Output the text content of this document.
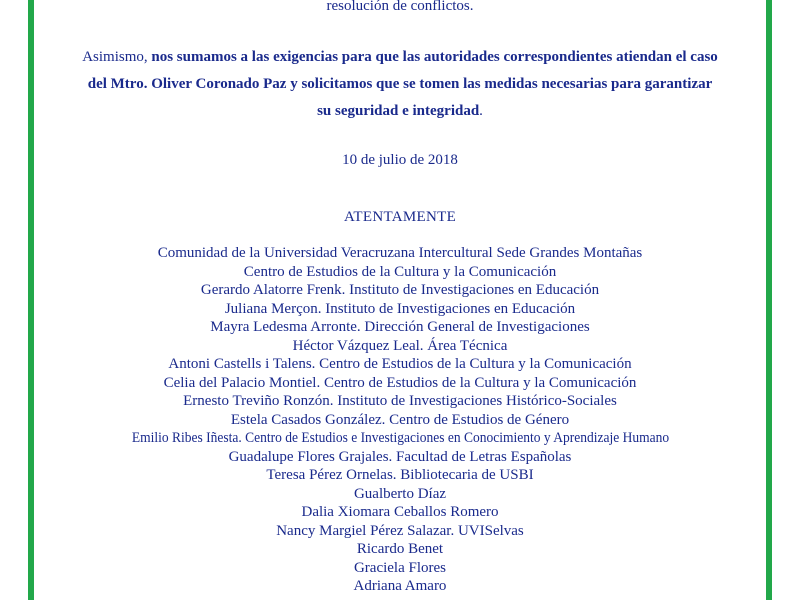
resolución de conflictos.
Asimismo, nos sumamos a las exigencias para que las autoridades correspondientes atiendan el caso
del Mtro. Oliver Coronado Paz y solicitamos que se tomen las medidas necesarias para garantizar
su seguridad e integridad.
10 de julio de 2018
ATENTAMENTE
Comunidad de la Universidad Veracruzana Intercultural Sede Grandes Montañas
Centro de Estudios de la Cultura y la Comunicación
Gerardo Alatorre Frenk. Instituto de Investigaciones en Educación
Juliana Merçon. Instituto de Investigaciones en Educación
Mayra Ledesma Arronte. Dirección General de Investigaciones
Héctor Vázquez Leal. Área Técnica
Antoni Castells i Talens. Centro de Estudios de la Cultura y la Comunicación
Celia del Palacio Montiel. Centro de Estudios de la Cultura y la Comunicación
Ernesto Treviño Ronzón. Instituto de Investigaciones Histórico-Sociales
Estela Casados González. Centro de Estudios de Género
Emilio Ribes Iñesta. Centro de Estudios e Investigaciones en Conocimiento y Aprendizaje Humano
Guadalupe Flores Grajales. Facultad de Letras Españolas
Teresa Pérez Ornelas. Bibliotecaria de USBI
Gualberto Díaz
Dalia Xiomara Ceballos Romero
Nancy Margiel Pérez Salazar. UVISelvas
Ricardo Benet
Graciela Flores
Adriana Amaro
